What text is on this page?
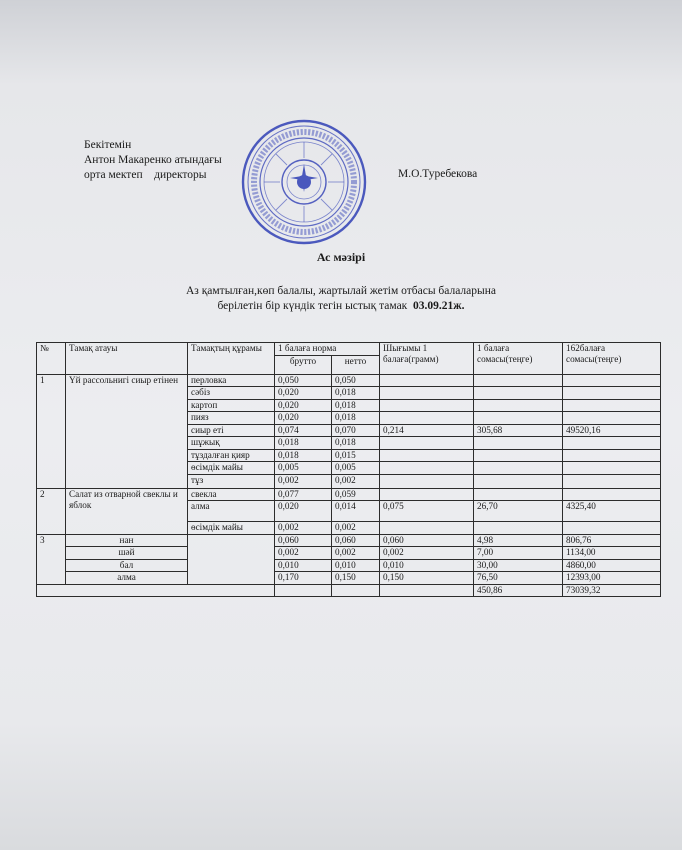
Бекітемін
Антон Макаренко атындағы
орта мектеп    директоры	М.О.Туребекова
Ас мәзірі
Аз қамтылған,көп балалы, жартылай жетім отбасы балаларына
берілетін бір күндік тегін ыстық тамак 03.09.21ж.
№	Тамақ атауы	Тамақтың құрамы	1 балаға норма		Шығымы 1 балаға(грамм)	1 балаға сомасы(теңге)	162балаға сомасы(теңге)
			брутто	нетто			
1	Үй рассольнигі сиыр етінен	перловка	0,050	0,050			
		сәбіз	0,020	0,018			
		картоп	0,020	0,018			
		пияз	0,020	0,018			
		сиыр еті	0,074	0,070	0,214	305,68	49520,16
		шұжық	0,018	0,018			
		тұздалған қияр	0,018	0,015			
		өсімдік майы	0,005	0,005			
		тұз	0,002	0,002			
2	Салат из отварной свеклы и яблок	свекла	0,077	0,059			
		алма	0,020	0,014	0,075	26,70	4325,40
		өсімдік майы	0,002	0,002			
3	нан		0,060	0,060	0,060	4,98	806,76
	шәй		0,002	0,002	0,002	7,00	1134,00
	бал		0,010	0,010	0,010	30,00	4860,00
	алма		0,170	0,150	0,150	76,50	12393,00
						450,86	73039,32
